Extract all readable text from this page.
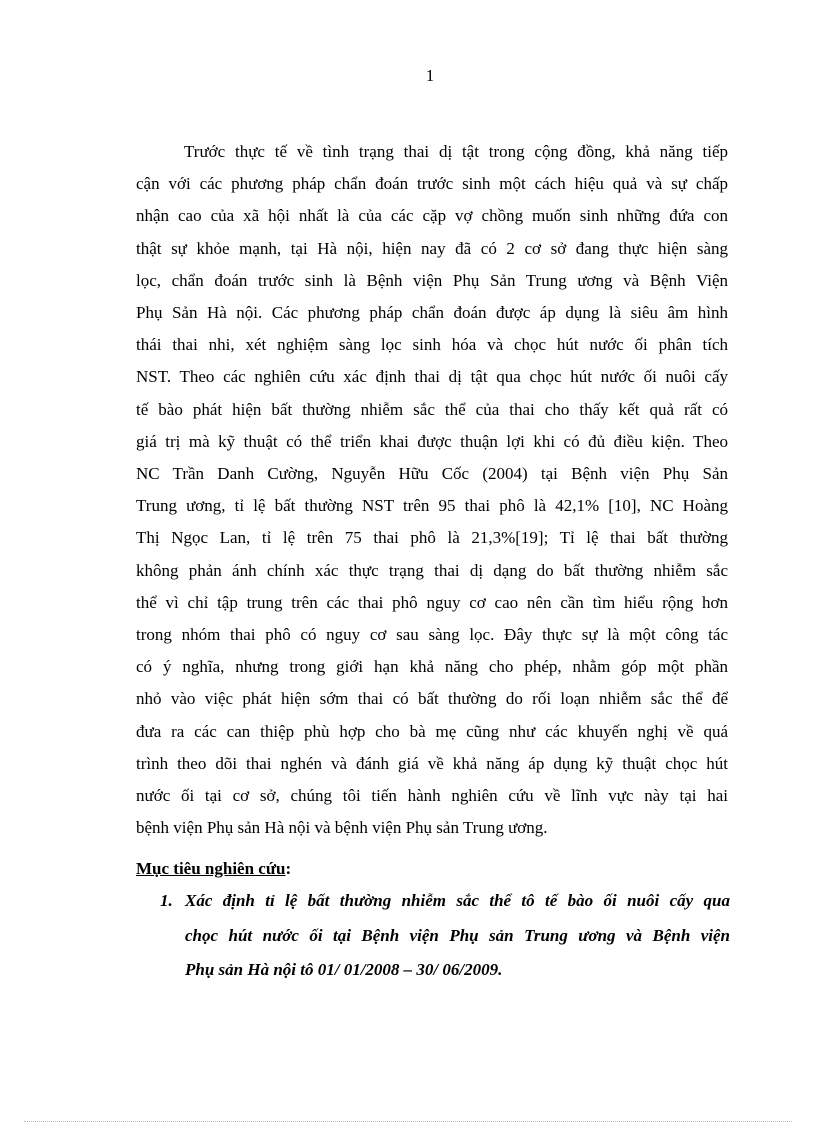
1

Trước thực tế về tình trạng thai dị tật trong cộng đồng, khả năng tiếp
cận với các phương pháp chẩn đoán trước sinh một cách hiệu quả và sự chấp
nhận cao của xã hội nhất là của các cặp vợ chồng muốn sinh những đứa con
thật sự khỏe mạnh, tại Hà nội, hiện nay đã có 2 cơ sở đang thực hiện sàng
lọc, chẩn đoán trước sinh là Bệnh viện Phụ Sản Trung ương và Bệnh Viện
Phụ Sản Hà nội. Các phương pháp chẩn đoán được áp dụng là siêu âm hình
thái thai nhi, xét nghiệm sàng lọc sinh hóa và chọc hút nước ối phân tích
NST. Theo các nghiên cứu xác định thai dị tật qua chọc hút nước ối nuôi cấy
tế bào phát hiện bất thường nhiễm sắc thể của thai cho thấy kết quả rất có
giá trị mà kỹ thuật có thể triển khai được thuận lợi khi có đủ điều kiện. Theo
NC Trần Danh Cường, Nguyễn Hữu Cốc (2004) tại Bệnh viện Phụ Sản
Trung ương, tỉ lệ bất thường NST trên 95 thai phô là 42,1% [10], NC Hoàng
Thị Ngọc Lan, tỉ lệ trên 75 thai phô là 21,3%[19]; Tỉ lệ thai bất thường
không phản ánh chính xác thực trạng thai dị dạng do bất thường nhiễm sắc
thể vì chỉ tập trung trên các thai phô nguy cơ cao nên cần tìm hiểu rộng hơn
trong nhóm thai phô có nguy cơ sau sàng lọc. Đây thực sự là một công tác
có ý nghĩa, nhưng trong giới hạn khả năng cho phép, nhằm góp một phần
nhỏ vào việc phát hiện sớm thai có bất thường do rối loạn nhiễm sắc thể để
đưa ra các can thiệp phù hợp cho bà mẹ cũng như các khuyến nghị về quá
trình theo dõi thai nghén và đánh giá về khả năng áp dụng kỹ thuật chọc hút
nước ối tại cơ sở, chúng tôi tiến hành nghiên cứu về lĩnh vực này tại hai
bệnh viện Phụ sản Hà nội và bệnh viện Phụ sản Trung ương.

Mục tiêu nghiên cứu:
1. Xác định tỉ lệ bất thường nhiễm sắc thể tô tế bào ối nuôi cấy qua
chọc hút nước ối tại Bệnh viện Phụ sản Trung ương và Bệnh viện
Phụ sản Hà nội tô 01/ 01/2008 – 30/ 06/2009.
